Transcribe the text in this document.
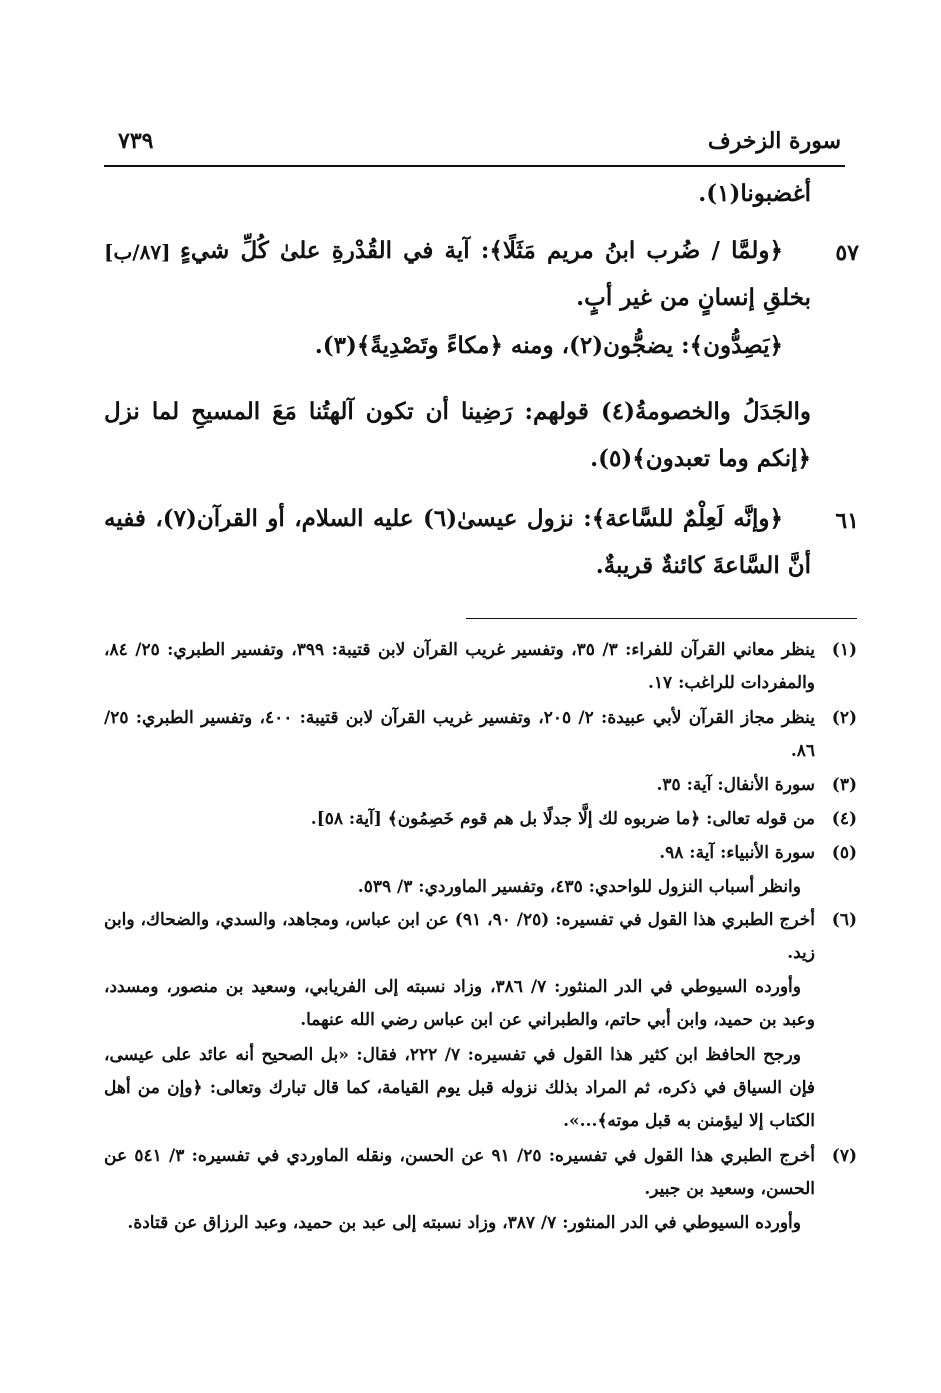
سورة الزخرف
٧٣٩
أغضبونا(١).
٥٧
[٨٧/ب] ﴿ولمَّا / ضُرب ابنُ مريم مَثَلًا﴾: آية في القُدْرةِ علىٰ كُلِّ شيءٍ بخلقِ إنسانٍ من غير أبٍ.
﴿يَصِدُّون﴾: يضجُّون(٢)، ومنه ﴿مكاءً وتَصْدِيةً﴾(٣).
والجَدَلُ والخصومةُ(٤) قولهم: رَضِينا أن تكون آلهتُنا مَعَ المسيحِ لما نزل ﴿إنكم وما تعبدون﴾(٥).
٦١
﴿وإنَّه لَعِلْمٌ للسَّاعة﴾: نزول عيسىٰ(٦) عليه السلام، أو القرآن(٧)، ففيه أنَّ السَّاعةَ كائنةٌ قريبةٌ.
(١)
ينظر معاني القرآن للفراء: ٣/ ٣٥، وتفسير غريب القرآن لابن قتيبة: ٣٩٩، وتفسير الطبري: ٢٥/ ٨٤، والمفردات للراغب: ١٧.
(٢)
ينظر مجاز القرآن لأبي عبيدة: ٢/ ٢٠٥، وتفسير غريب القرآن لابن قتيبة: ٤٠٠، وتفسير الطبري: ٢٥/ ٨٦.
(٣)
سورة الأنفال: آية: ٣٥.
(٤)
من قوله تعالى: ﴿ما ضربوه لك إلَّا جدلًا بل هم قوم خَصِمُون﴾ [آية: ٥٨].
(٥)
سورة الأنبياء: آية: ٩٨.
وانظر أسباب النزول للواحدي: ٤٣٥، وتفسير الماوردي: ٣/ ٥٣٩.
(٦)
أخرج الطبري هذا القول في تفسيره: (٢٥/ ٩٠، ٩١) عن ابن عباس، ومجاهد، والسدي، والضحاك، وابن زيد.
وأورده السيوطي في الدر المنثور: ٧/ ٣٨٦، وزاد نسبته إلى الفريابي، وسعيد بن منصور، ومسدد، وعبد بن حميد، وابن أبي حاتم، والطبراني عن ابن عباس رضي الله عنهما.
ورجح الحافظ ابن كثير هذا القول في تفسيره: ٧/ ٢٢٢، فقال: «بل الصحيح أنه عائد على عيسى، فإن السياق في ذكره، ثم المراد بذلك نزوله قبل يوم القيامة، كما قال تبارك وتعالى: ﴿وإن من أهل الكتاب إلا ليؤمنن به قبل موته﴾...».
(٧)
أخرج الطبري هذا القول في تفسيره: ٢٥/ ٩١ عن الحسن، ونقله الماوردي في تفسيره: ٣/ ٥٤١ عن الحسن، وسعيد بن جبير.
وأورده السيوطي في الدر المنثور: ٧/ ٣٨٧، وزاد نسبته إلى عبد بن حميد، وعبد الرزاق عن قتادة.
